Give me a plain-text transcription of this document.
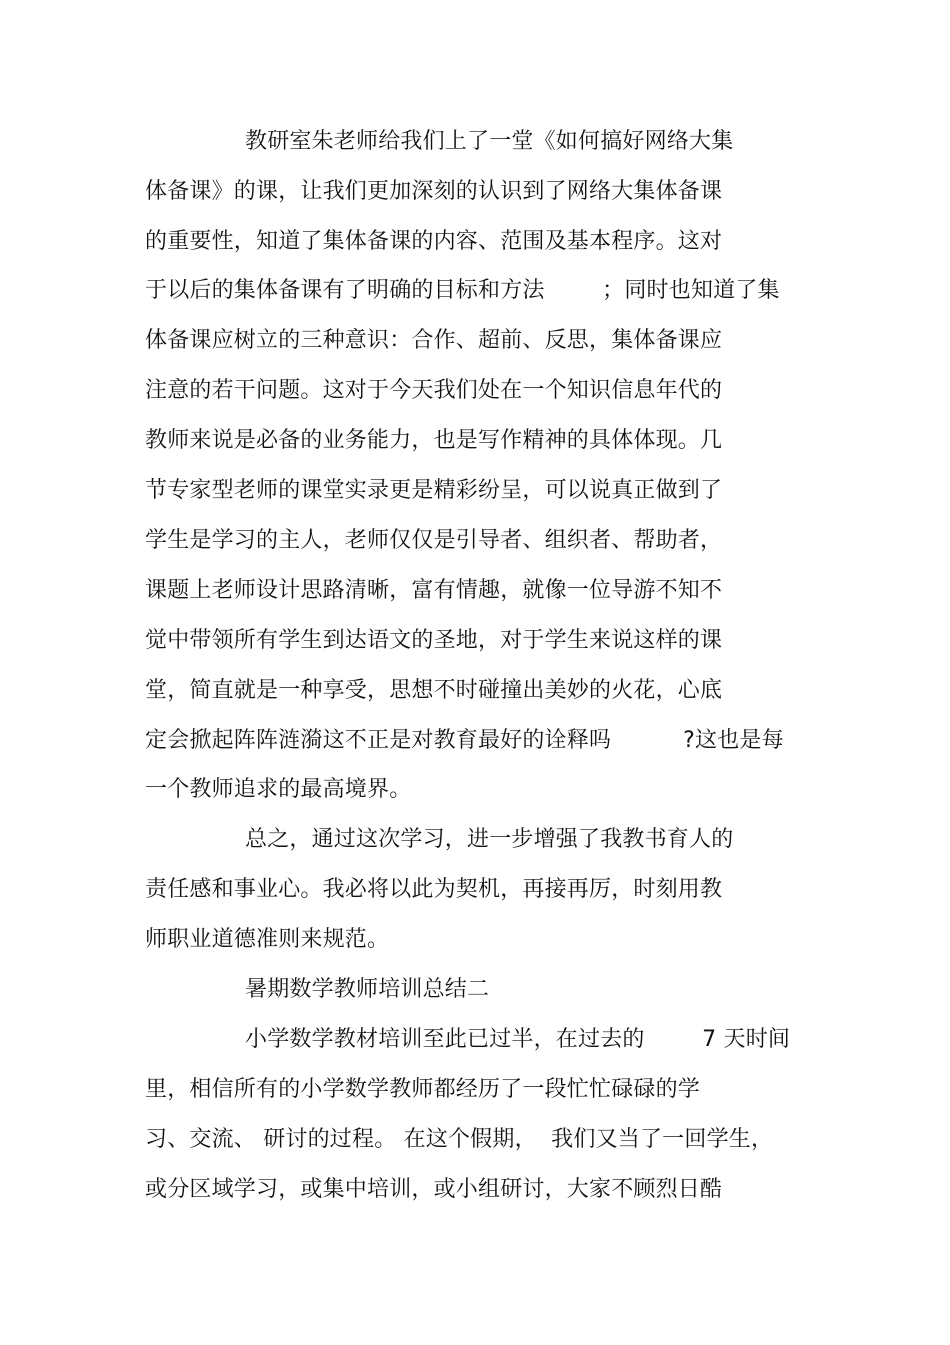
教研室朱老师给我们上了一堂《如何搞好网络大集
体备课》的课，让我们更加深刻的认识到了网络大集体备课
的重要性，知道了集体备课的内容、范围及基本程序。这对
于以后的集体备课有了明确的目标和方法        ；同时也知道了集
体备课应树立的三种意识：合作、超前、反思，集体备课应
注意的若干问题。这对于今天我们处在一个知识信息年代的
教师来说是必备的业务能力，也是写作精神的具体体现。几
节专家型老师的课堂实录更是精彩纷呈，可以说真正做到了
学生是学习的主人，老师仅仅是引导者、组织者、帮助者，
课题上老师设计思路清晰，富有情趣，就像一位导游不知不
觉中带领所有学生到达语文的圣地，对于学生来说这样的课
堂，简直就是一种享受，思想不时碰撞出美妙的火花，心底
定会掀起阵阵涟漪这不正是对教育最好的诠释吗          ?这也是每
一个教师追求的最高境界。
总之，通过这次学习，进一步增强了我教书育人的
责任感和事业心。我必将以此为契机，再接再厉，时刻用教
师职业道德准则来规范。
暑期数学教师培训总结二
小学数学教材培训至此已过半，在过去的        7 天时间
里，相信所有的小学数学教师都经历了一段忙忙碌碌的学
习、交流、 研讨的过程。 在这个假期，  我们又当了一回学生，
或分区域学习，或集中培训，或小组研讨，大家不顾烈日酷
